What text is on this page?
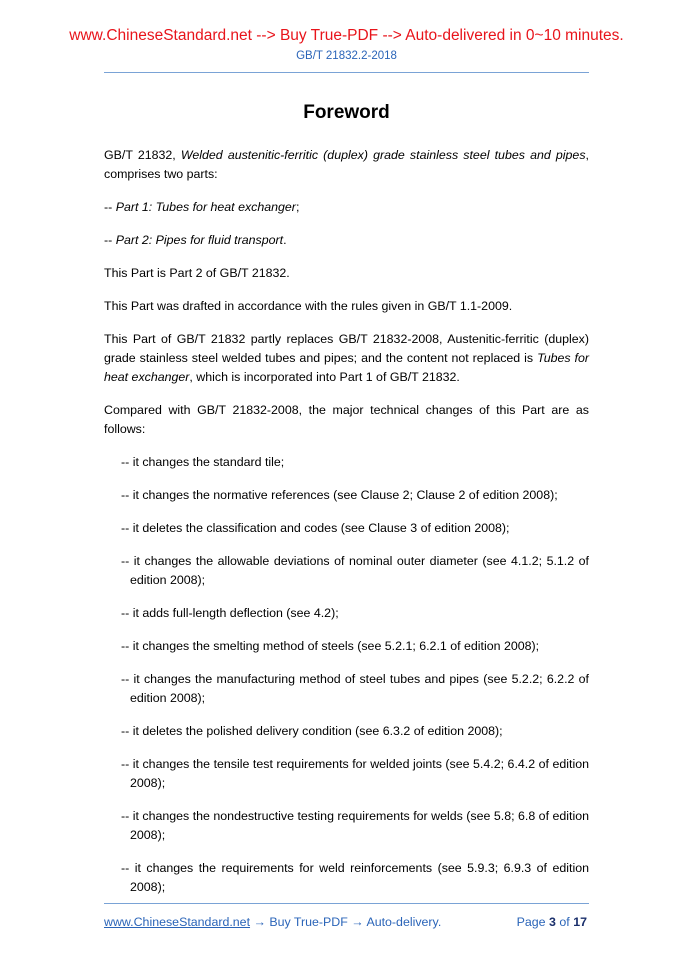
www.ChineseStandard.net --> Buy True-PDF --> Auto-delivered in 0~10 minutes.
GB/T 21832.2-2018
Foreword

GB/T 21832, Welded austenitic-ferritic (duplex) grade stainless steel tubes and pipes, comprises two parts:

-- Part 1: Tubes for heat exchanger;

-- Part 2: Pipes for fluid transport.

This Part is Part 2 of GB/T 21832.

This Part was drafted in accordance with the rules given in GB/T 1.1-2009.

This Part of GB/T 21832 partly replaces GB/T 21832-2008, Austenitic-ferritic (duplex) grade stainless steel welded tubes and pipes; and the content not replaced is Tubes for heat exchanger, which is incorporated into Part 1 of GB/T 21832.

Compared with GB/T 21832-2008, the major technical changes of this Part are as follows:

-- it changes the standard tile;

-- it changes the normative references (see Clause 2; Clause 2 of edition 2008);

-- it deletes the classification and codes (see Clause 3 of edition 2008);

-- it changes the allowable deviations of nominal outer diameter (see 4.1.2; 5.1.2 of edition 2008);

-- it adds full-length deflection (see 4.2);

-- it changes the smelting method of steels (see 5.2.1; 6.2.1 of edition 2008);

-- it changes the manufacturing method of steel tubes and pipes (see 5.2.2; 6.2.2 of edition 2008);

-- it deletes the polished delivery condition (see 6.3.2 of edition 2008);

-- it changes the tensile test requirements for welded joints (see 5.4.2; 6.4.2 of edition 2008);

-- it changes the nondestructive testing requirements for welds (see 5.8; 6.8 of edition 2008);

-- it changes the requirements for weld reinforcements (see 5.9.3; 6.9.3 of edition 2008);

www.ChineseStandard.net → Buy True-PDF → Auto-delivery.	Page 3 of 17
